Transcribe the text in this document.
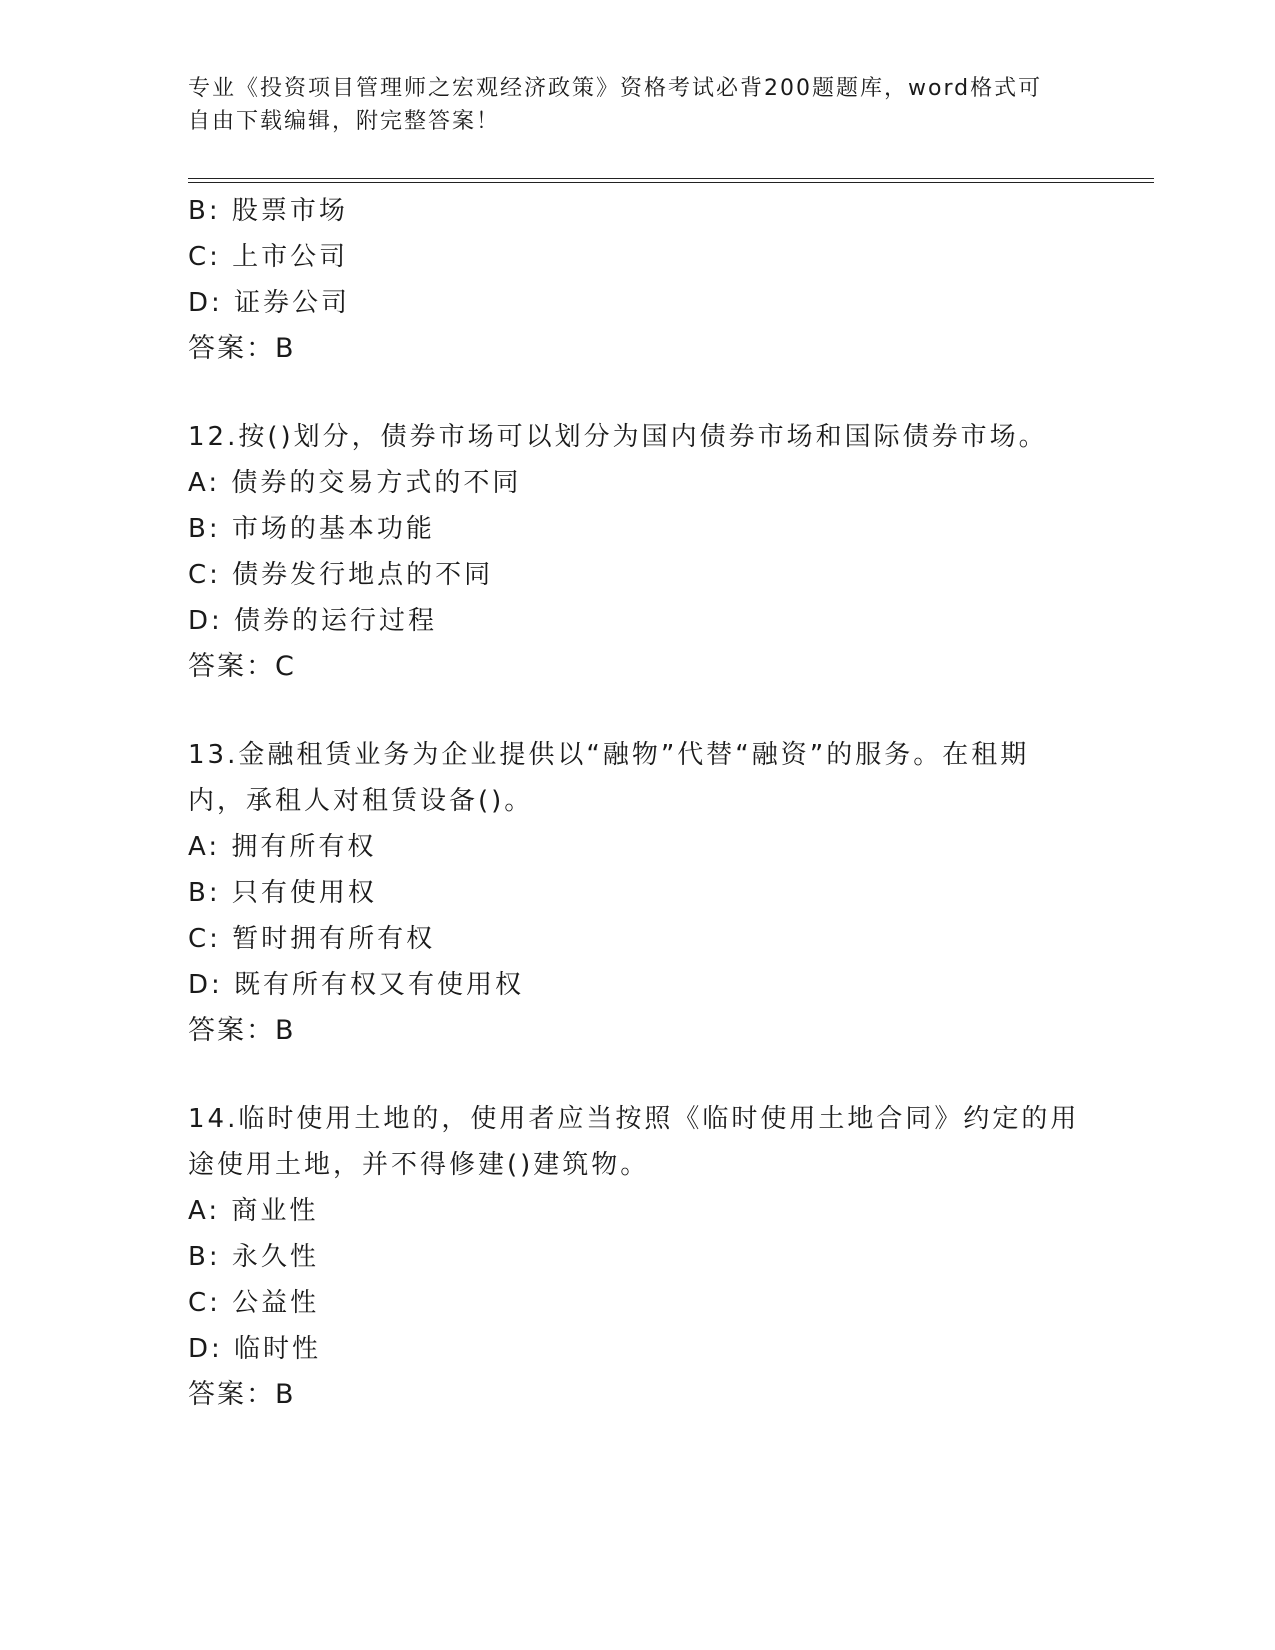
专业《投资项目管理师之宏观经济政策》资格考试必背200题题库，word格式可
自由下载编辑，附完整答案！
B: 股票市场
C: 上市公司
D: 证券公司
答案：B
12.按()划分，债券市场可以划分为国内债券市场和国际债券市场。
A: 债券的交易方式的不同
B: 市场的基本功能
C: 债券发行地点的不同
D: 债券的运行过程
答案：C
13.金融租赁业务为企业提供以“融物”代替“融资”的服务。在租期
内，承租人对租赁设备()。
A: 拥有所有权
B: 只有使用权
C: 暂时拥有所有权
D: 既有所有权又有使用权
答案：B
14.临时使用土地的，使用者应当按照《临时使用土地合同》约定的用
途使用土地，并不得修建()建筑物。
A: 商业性
B: 永久性
C: 公益性
D: 临时性
答案：B
